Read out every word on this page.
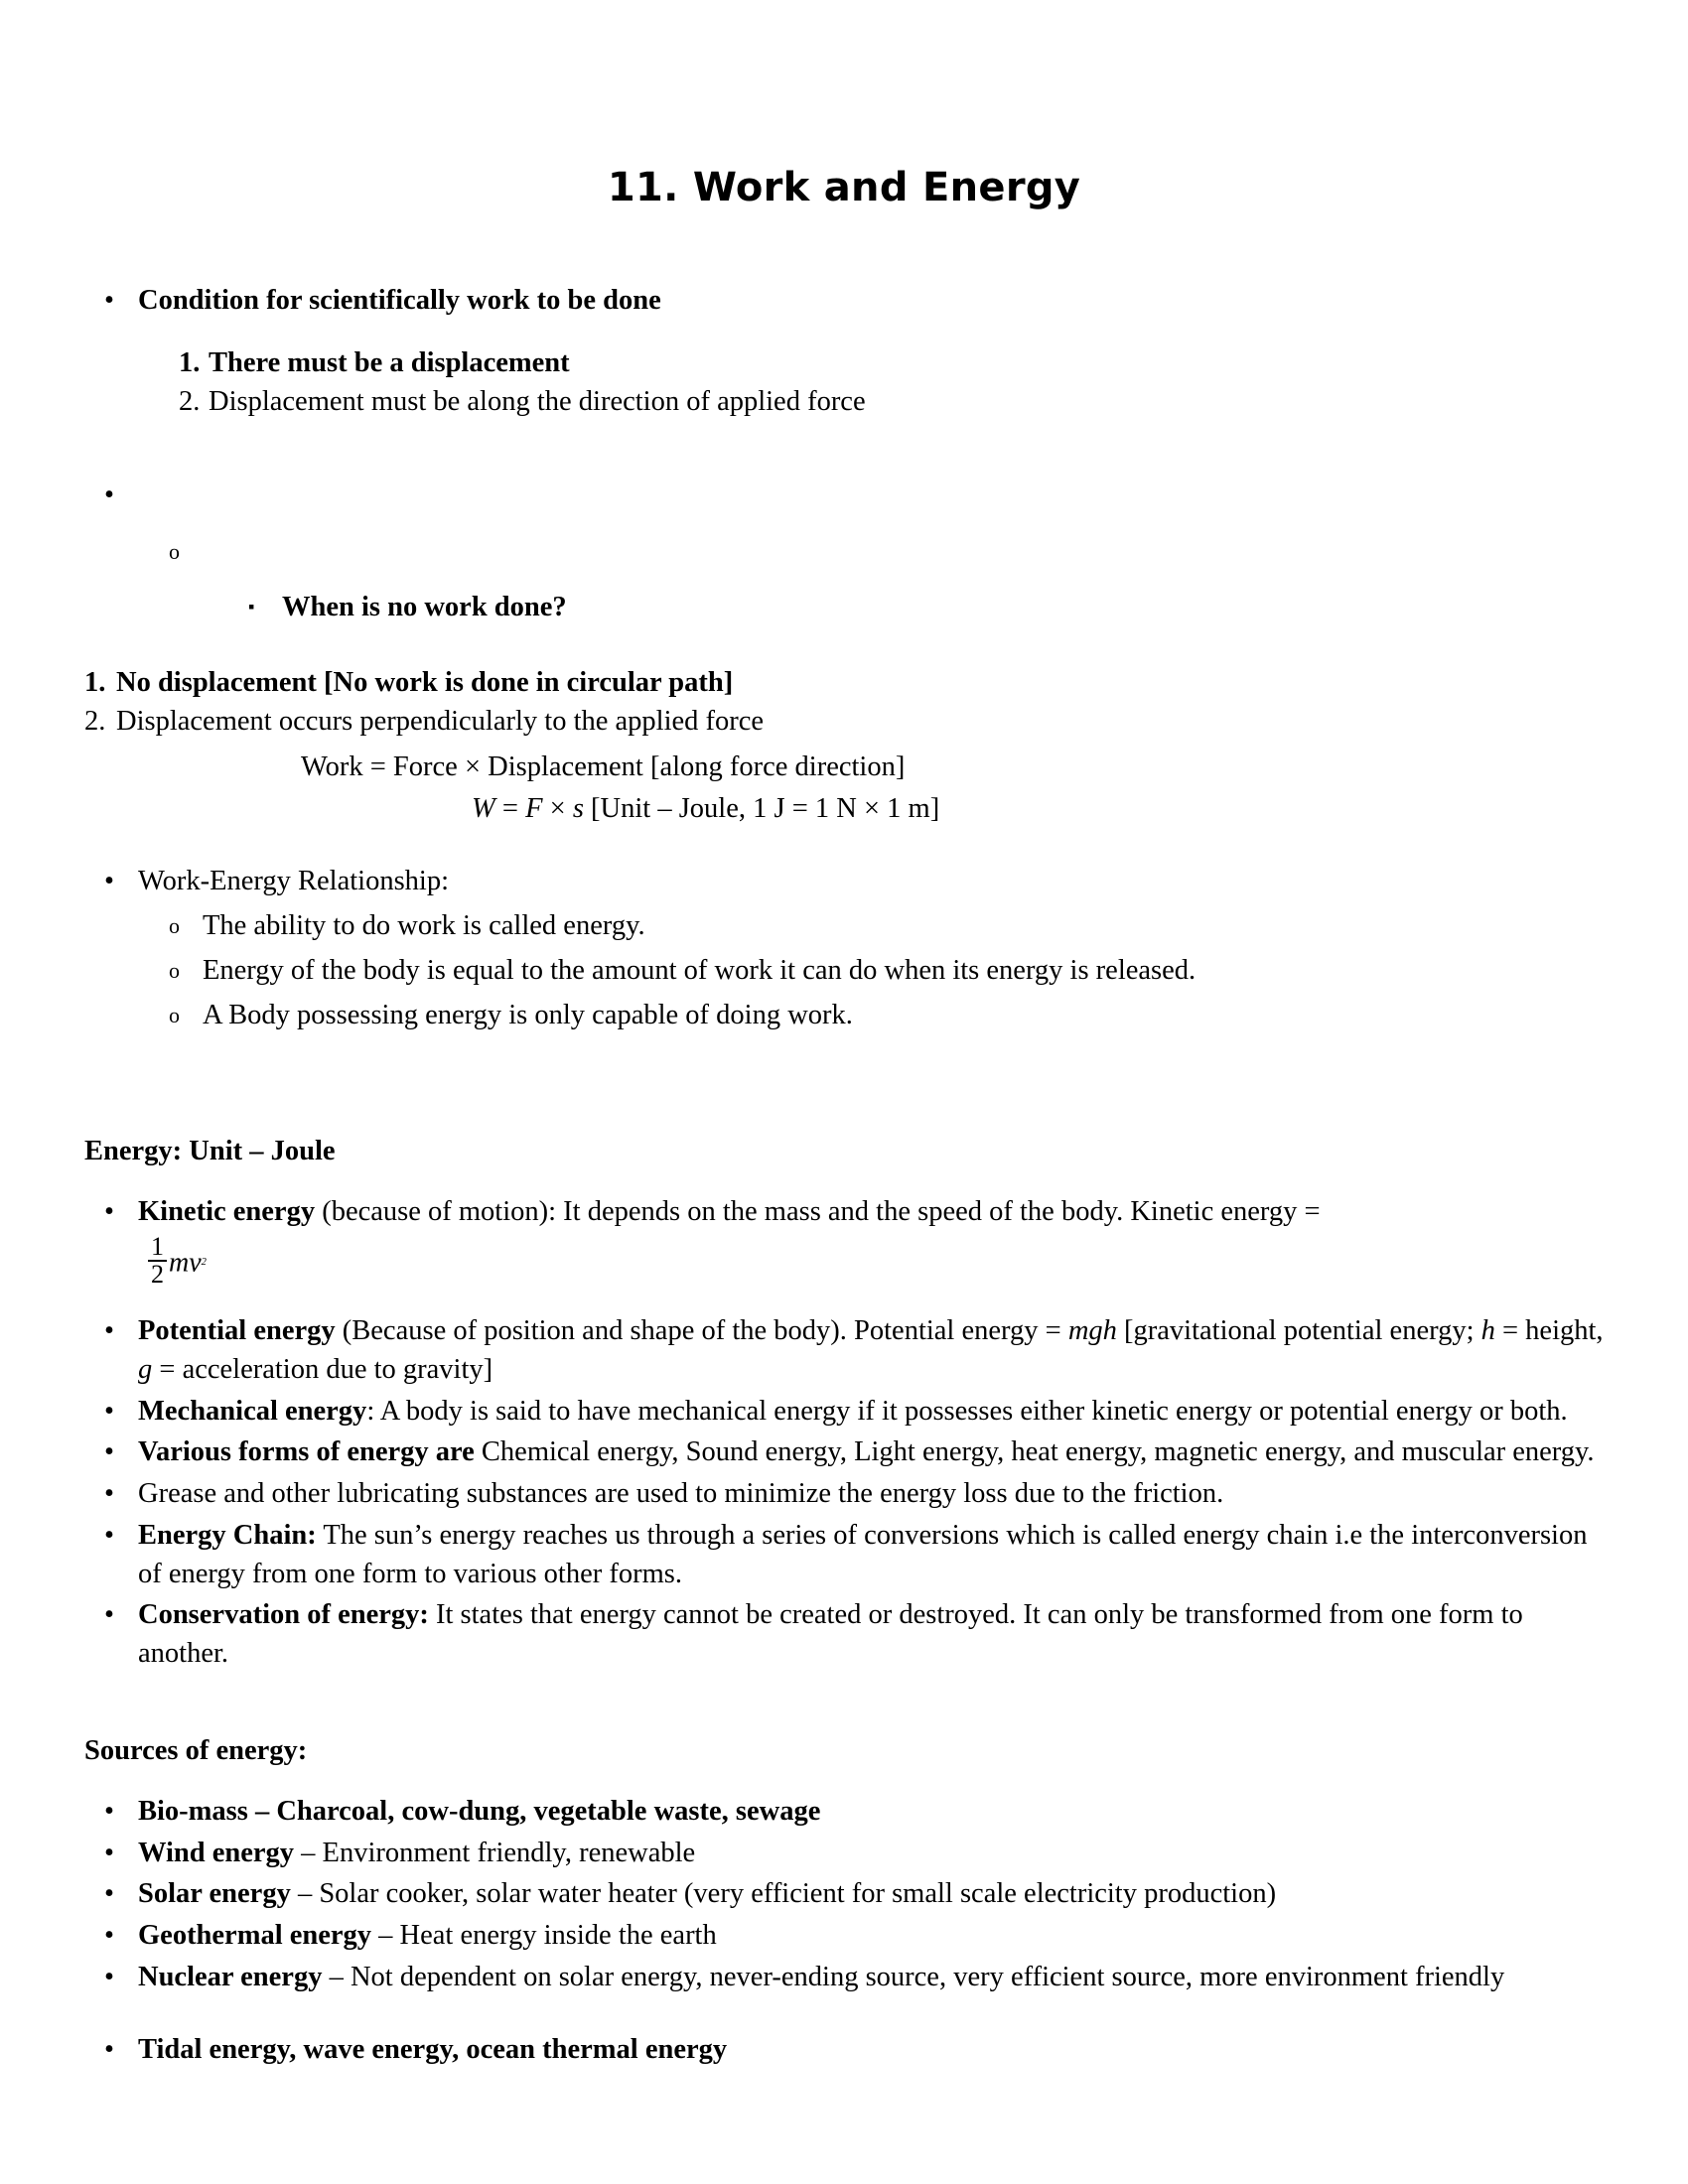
11. Work and Energy
• Condition for scientifically work to be done
1. There must be a displacement
2. Displacement must be along the direction of applied force
•
o
▪ When is no work done?
1. No displacement [No work is done in circular path]
2. Displacement occurs perpendicularly to the applied force
Work = Force × Displacement [along force direction]
W = F × s [Unit – Joule, 1 J = 1 N × 1 m]
• Work-Energy Relationship:
o The ability to do work is called energy.
o Energy of the body is equal to the amount of work it can do when its energy is released.
o A Body possessing energy is only capable of doing work.
Energy: Unit – Joule
• Kinetic energy (because of motion): It depends on the mass and the speed of the body. Kinetic energy =
$\frac{1}{2} mv^2$
• Potential energy (Because of position and shape of the body). Potential energy = mgh [gravitational potential energy; h = height, g = acceleration due to gravity]
• Mechanical energy: A body is said to have mechanical energy if it possesses either kinetic energy or potential energy or both.
• Various forms of energy are Chemical energy, Sound energy, Light energy, heat energy, magnetic energy, and muscular energy.
• Grease and other lubricating substances are used to minimize the energy loss due to the friction.
• Energy Chain: The sun’s energy reaches us through a series of conversions which is called energy chain i.e the interconversion of energy from one form to various other forms.
• Conservation of energy: It states that energy cannot be created or destroyed. It can only be transformed from one form to another.
Sources of energy:
• Bio-mass – Charcoal, cow-dung, vegetable waste, sewage
• Wind energy – Environment friendly, renewable
• Solar energy – Solar cooker, solar water heater (very efficient for small scale electricity production)
• Geothermal energy – Heat energy inside the earth
• Nuclear energy – Not dependent on solar energy, never-ending source, very efficient source, more environment friendly
• Tidal energy, wave energy, ocean thermal energy
